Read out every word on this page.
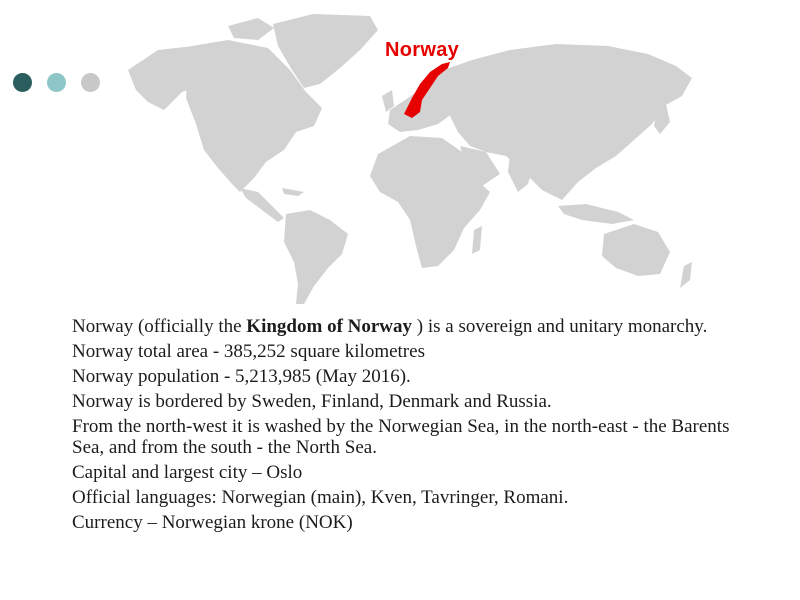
Norway
Norway (officially the Kingdom of Norway ) is a sovereign and unitary monarchy.
Norway total area - 385,252 square kilometres
Norway population - 5,213,985 (May 2016).
Norway is bordered by Sweden, Finland, Denmark and Russia.
From the north-west it is washed by the Norwegian Sea, in the north-east - the Barents Sea, and from the south - the North Sea.
Capital and largest city – Oslo
Official languages: Norwegian (main), Kven, Tavringer, Romani.
Currency – Norwegian krone (NOK)
